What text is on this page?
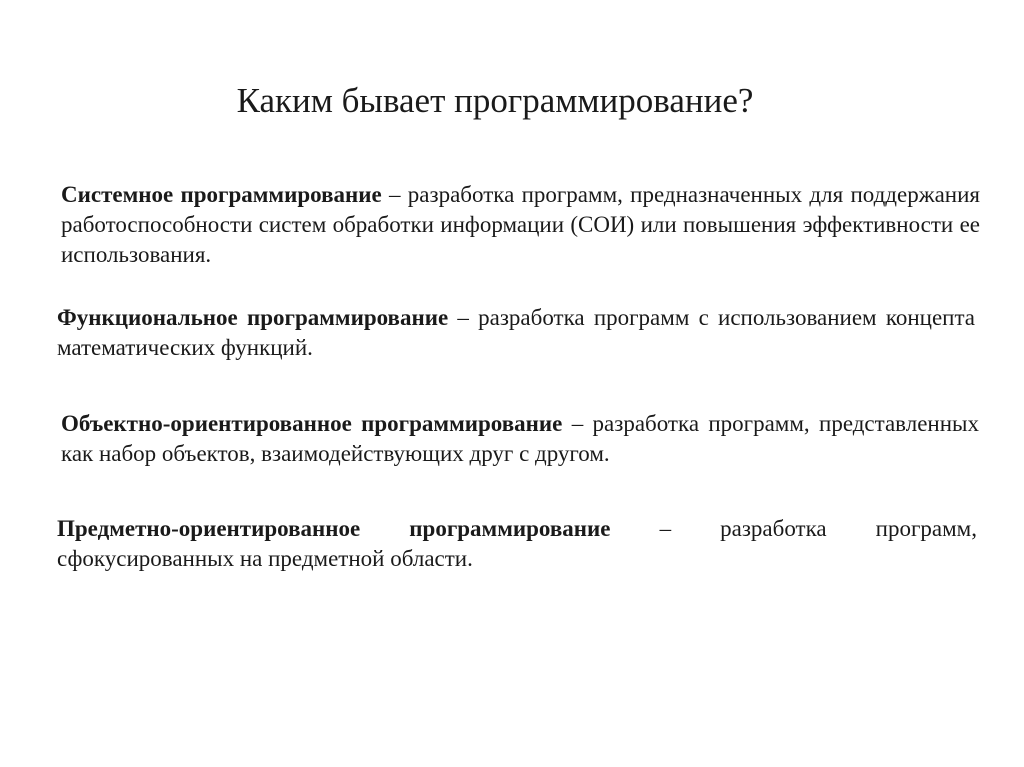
Каким бывает программирование?

Системное программирование – разработка программ, предназначенных для поддержания работоспособности систем обработки информации (СОИ) или повышения эффективности ее использования.

Функциональное программирование – разработка программ с использованием концепта математических функций.

Объектно-ориентированное программирование – разработка программ, представленных как набор объектов, взаимодействующих друг с другом.

Предметно-ориентированное программирование – разработка программ, сфокусированных на предметной области.
